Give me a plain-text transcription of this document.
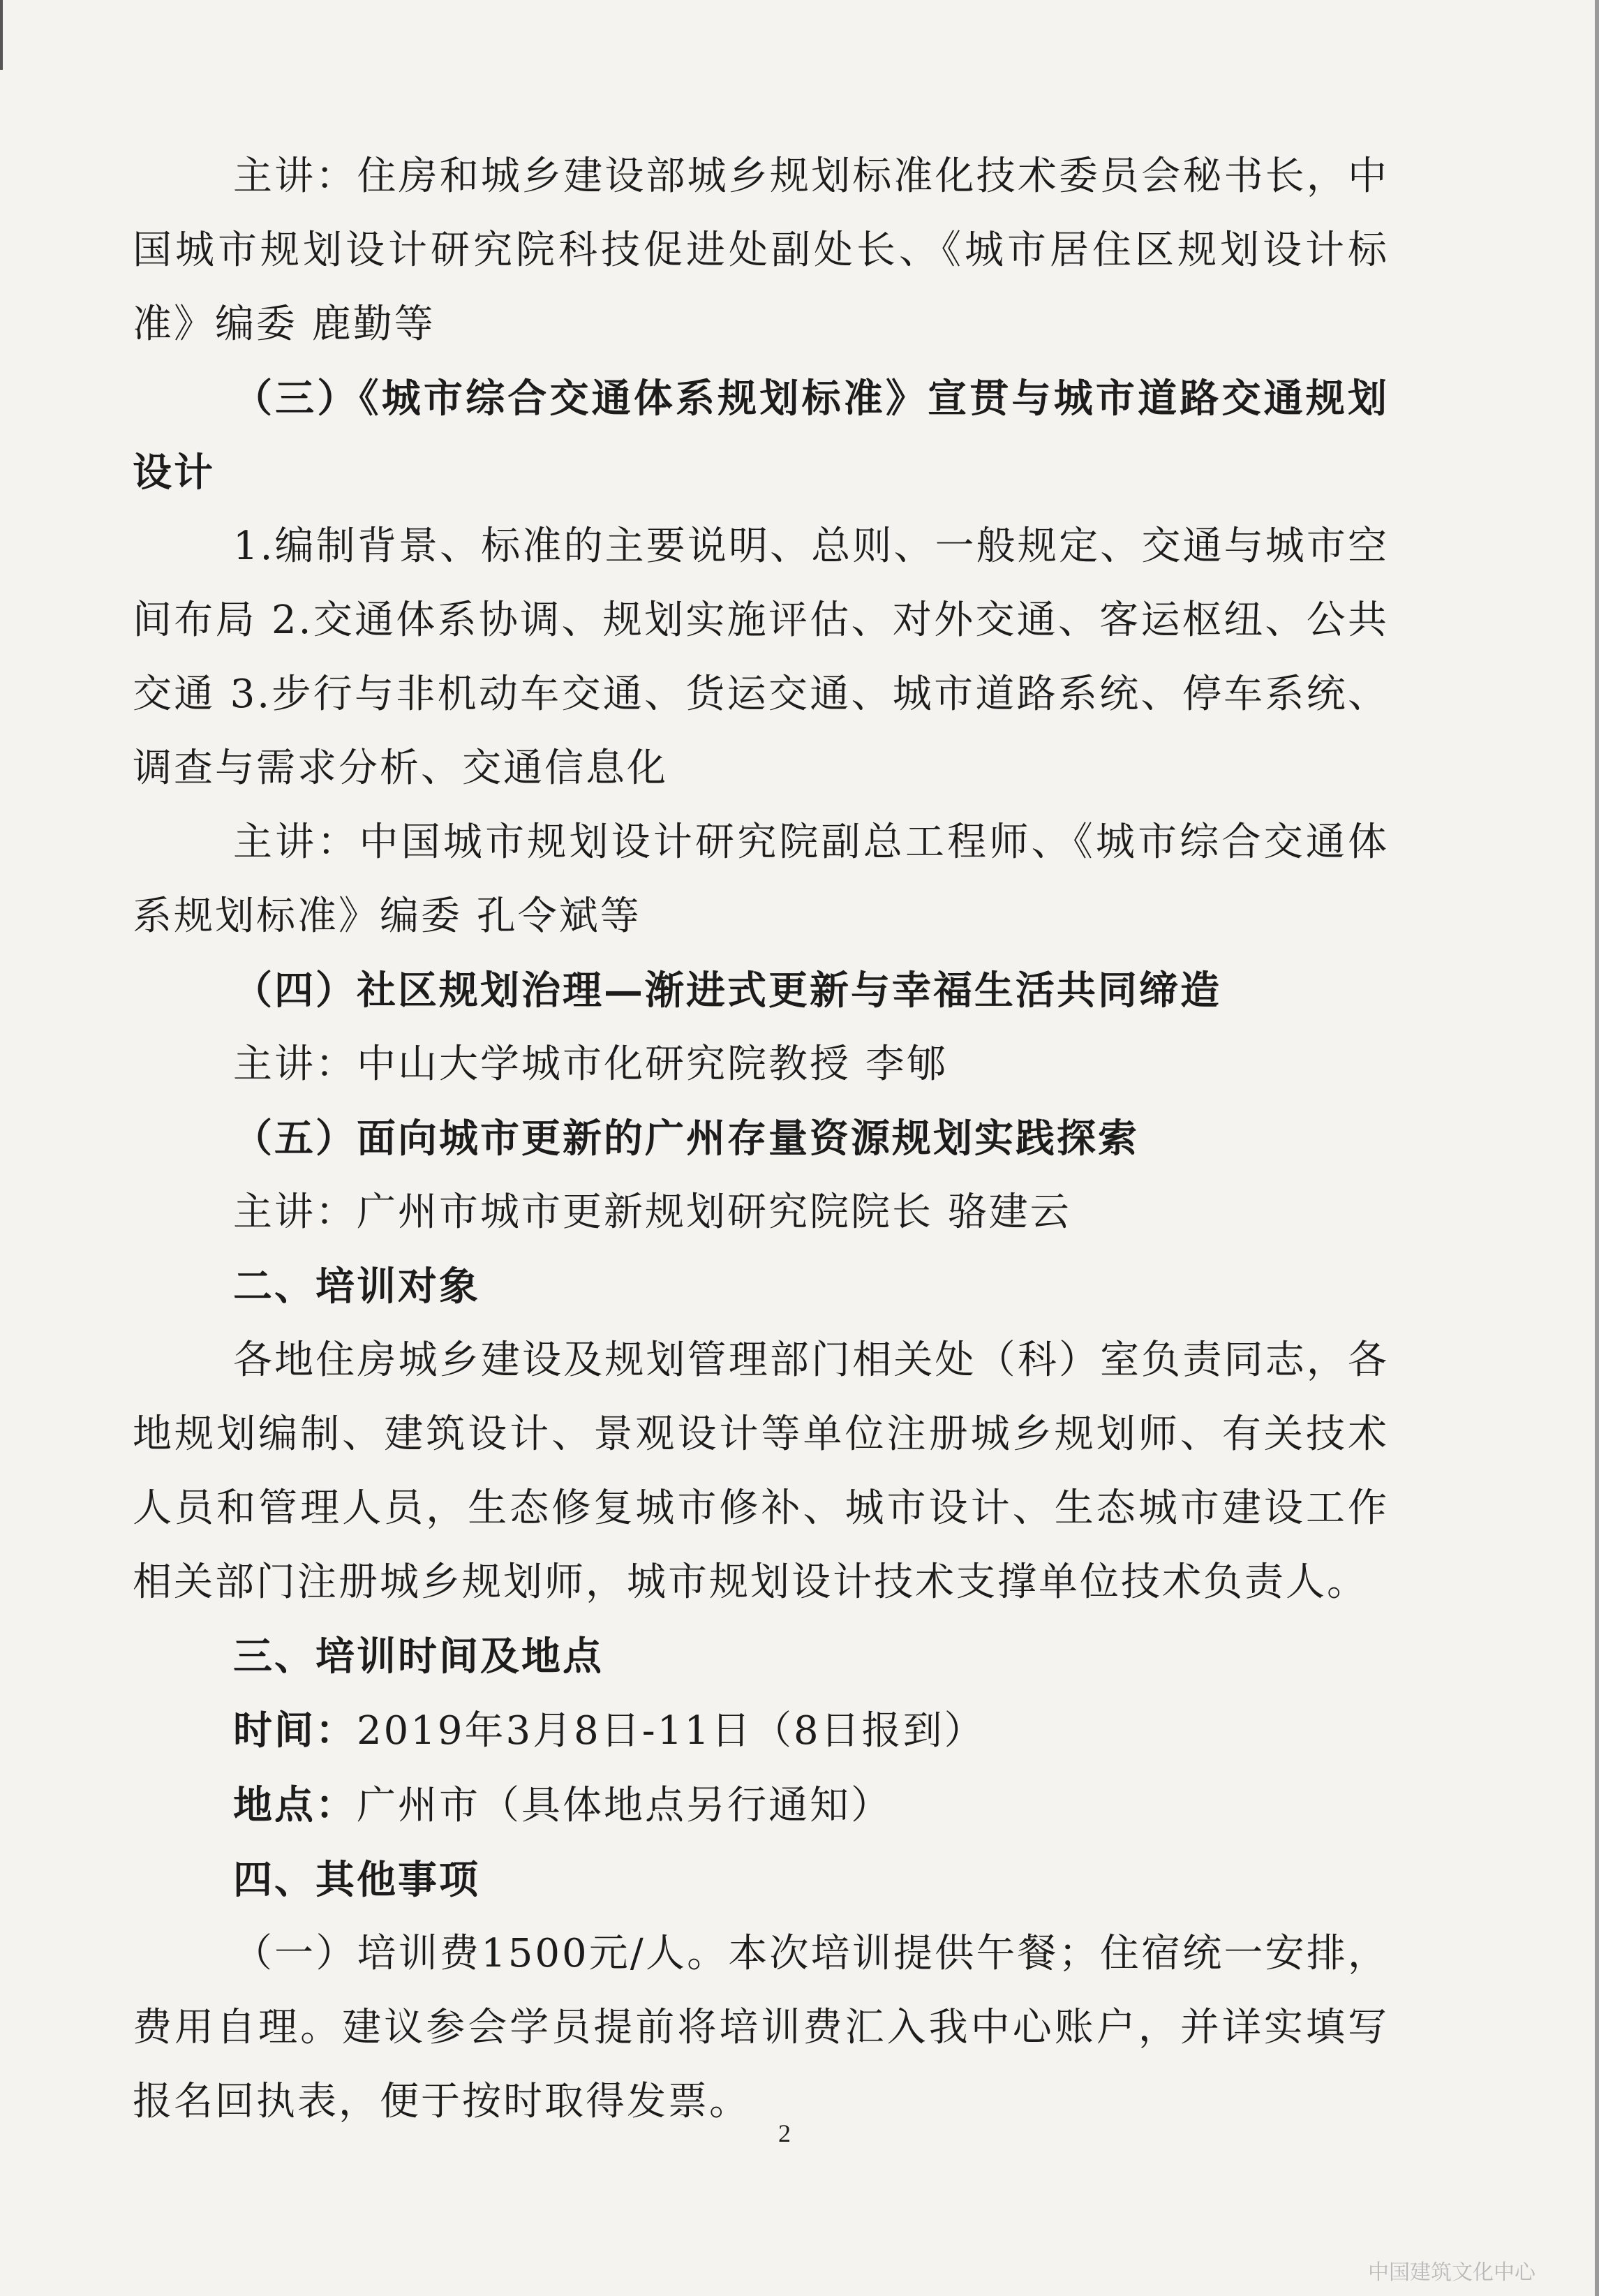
主讲：住房和城乡建设部城乡规划标准化技术委员会秘书长，中国城市规划设计研究院科技促进处副处长、《城市居住区规划设计标准》编委 鹿勤等

（三）《城市综合交通体系规划标准》宣贯与城市道路交通规划设计

1.编制背景、标准的主要说明、总则、一般规定、交通与城市空间布局 2.交通体系协调、规划实施评估、对外交通、客运枢纽、公共交通 3.步行与非机动车交通、货运交通、城市道路系统、停车系统、调查与需求分析、交通信息化

主讲：中国城市规划设计研究院副总工程师、《城市综合交通体系规划标准》编委 孔令斌等

（四）社区规划治理—渐进式更新与幸福生活共同缔造

主讲：中山大学城市化研究院教授 李郇

（五）面向城市更新的广州存量资源规划实践探索

主讲：广州市城市更新规划研究院院长 骆建云

二、培训对象

各地住房城乡建设及规划管理部门相关处（科）室负责同志，各地规划编制、建筑设计、景观设计等单位注册城乡规划师、有关技术人员和管理人员，生态修复城市修补、城市设计、生态城市建设工作相关部门注册城乡规划师，城市规划设计技术支撑单位技术负责人。

三、培训时间及地点

时间：2019年3月8日-11日（8日报到）

地点：广州市（具体地点另行通知）

四、其他事项

（一）培训费1500元/人。本次培训提供午餐；住宿统一安排，费用自理。建议参会学员提前将培训费汇入我中心账户，并详实填写报名回执表，便于按时取得发票。

2
中国建筑文化中心
